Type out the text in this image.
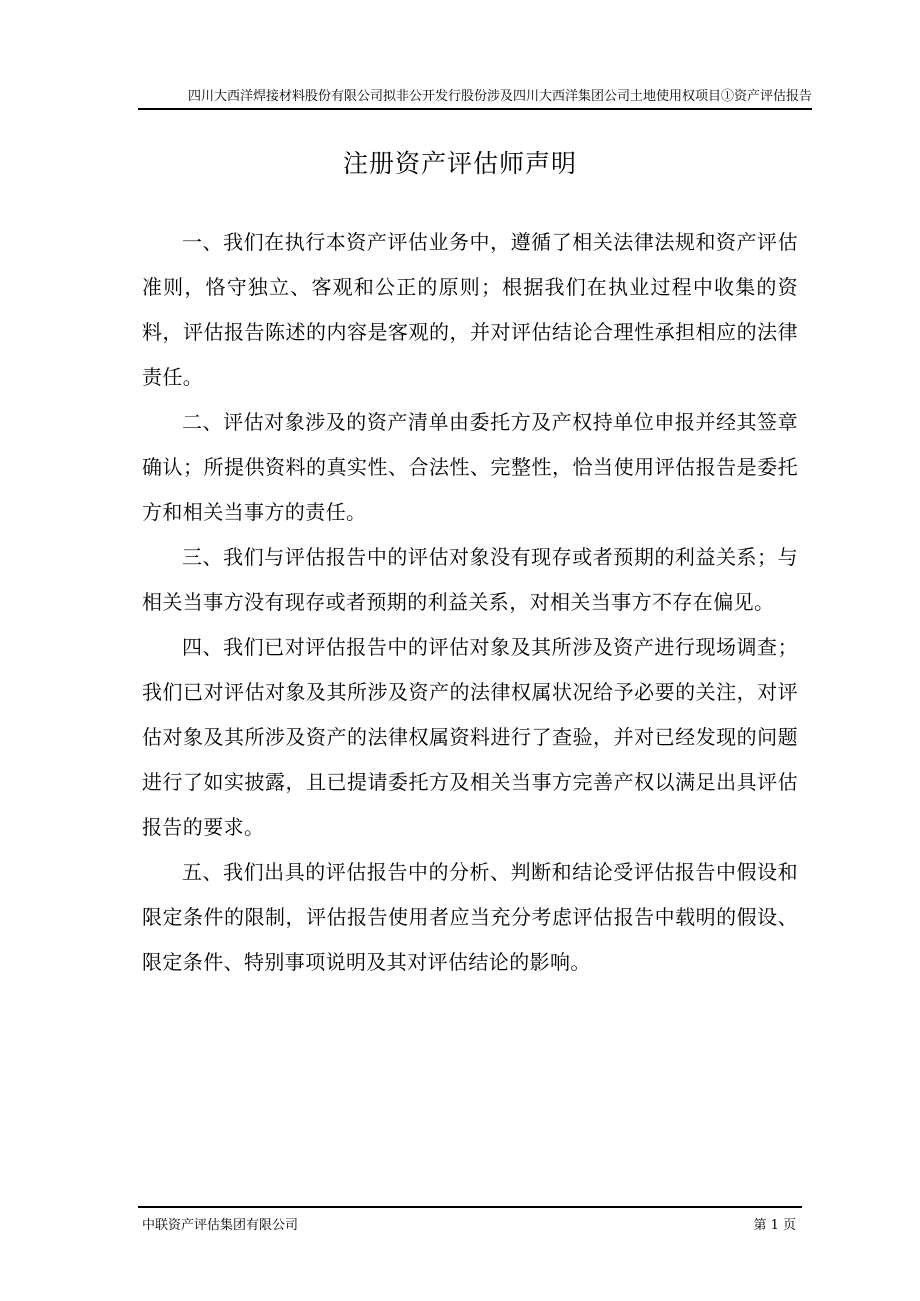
四川大西洋焊接材料股份有限公司拟非公开发行股份涉及四川大西洋集团公司土地使用权项目①资产评估报告
注册资产评估师声明

一、我们在执行本资产评估业务中，遵循了相关法律法规和资产评估准则，恪守独立、客观和公正的原则；根据我们在执业过程中收集的资料，评估报告陈述的内容是客观的，并对评估结论合理性承担相应的法律责任。

二、评估对象涉及的资产清单由委托方及产权持单位申报并经其签章确认；所提供资料的真实性、合法性、完整性，恰当使用评估报告是委托方和相关当事方的责任。

三、我们与评估报告中的评估对象没有现存或者预期的利益关系；与相关当事方没有现存或者预期的利益关系，对相关当事方不存在偏见。

四、我们已对评估报告中的评估对象及其所涉及资产进行现场调查；我们已对评估对象及其所涉及资产的法律权属状况给予必要的关注，对评估对象及其所涉及资产的法律权属资料进行了查验，并对已经发现的问题进行了如实披露，且已提请委托方及相关当事方完善产权以满足出具评估报告的要求。

五、我们出具的评估报告中的分析、判断和结论受评估报告中假设和限定条件的限制，评估报告使用者应当充分考虑评估报告中载明的假设、限定条件、特别事项说明及其对评估结论的影响。

中联资产评估集团有限公司	第 1 页
